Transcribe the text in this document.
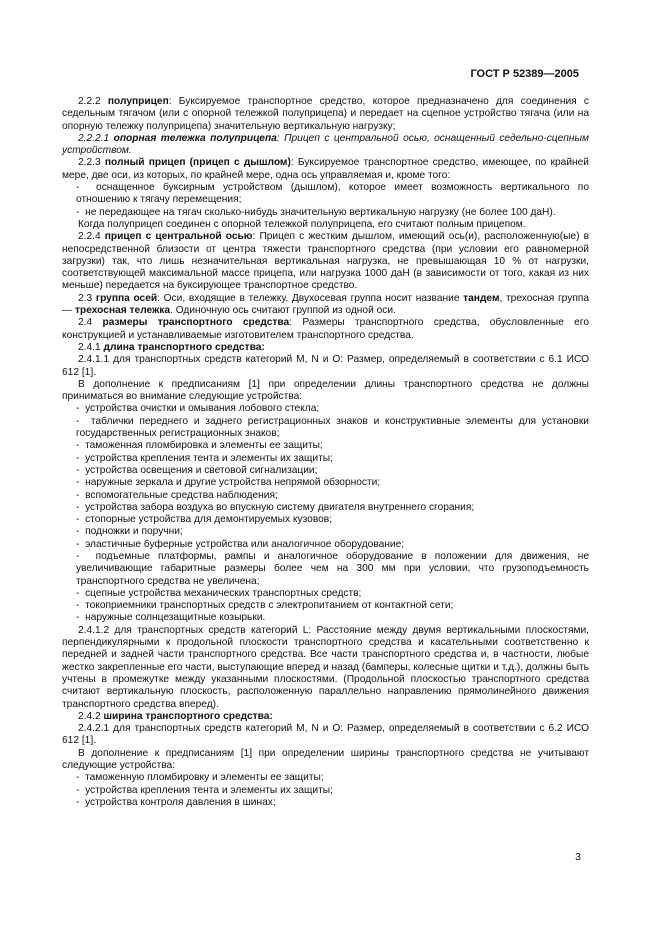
ГОСТ Р 52389—2005

2.2.2 полуприцеп: Буксируемое транспортное средство, которое предназначено для соединения с седельным тягачом (или с опорной тележкой полуприцепа) и передает на сцепное устройство тягача (или на опорную тележку полуприцепа) значительную вертикальную нагрузку;

2.2.2.1 опорная тележка полуприцепа: Прицеп с центральной осью, оснащенный седельно-сцепным устройством.

2.2.3 полный прицеп (прицеп с дышлом): Буксируемое транспортное средство, имеющее, по крайней мере, две оси, из которых, по крайней мере, одна ось управляемая и, кроме того:

-  оснащенное буксирным устройством (дышлом), которое имеет возможность вертикального по отношению к тягачу перемещения;

-  не передающее на тягач сколько-нибудь значительную вертикальную нагрузку (не более 100 даН).

Когда полуприцеп соединен с опорной тележкой полуприцепа, его считают полным прицепом.

2.2.4 прицеп с центральной осью: Прицеп с жестким дышлом, имеющий ось(и), расположенную(ые) в непосредственной близости от центра тяжести транспортного средства (при условии его равномерной загрузки) так, что лишь незначительная вертикальная нагрузка, не превышающая 10 % от нагрузки, соответствующей максимальной массе прицепа, или нагрузка 1000 даН (в зависимости от того, какая из них меньше) передается на буксирующее транспортное средство.

2.3 группа осей: Оси, входящие в тележку. Двухосевая группа носит название тандем, трехосная группа — трехосная тележка. Одиночную ось считают группой из одной оси.

2.4 размеры транспортного средства: Размеры транспортного средства, обусловленные его конструкцией и устанавливаемые изготовителем транспортного средства.

2.4.1 длина транспортного средства:

2.4.1.1 для транспортных средств категорий M, N и O: Размер, определяемый в соответствии с 6.1 ИСО 612 [1].

В дополнение к предписаниям [1] при определении длины транспортного средства не должны приниматься во внимание следующие устройства:

-  устройства очистки и омывания лобового стекла;

-  таблички переднего и заднего регистрационных знаков и конструктивные элементы для установки государственных регистрационных знаков;

-  таможенная пломбировка и элементы ее защиты;

-  устройства крепления тента и элементы их защиты;

-  устройства освещения и световой сигнализации;

-  наружные зеркала и другие устройства непрямой обзорности;

-  вспомогательные средства наблюдения;

-  устройства забора воздуха во впускную систему двигателя внутреннего сгорания;

-  стопорные устройства для демонтируемых кузовов;

-  подножки и поручни;

-  эластичные буферные устройства или аналогичное оборудование;

-  подъемные платформы, рампы и аналогичное оборудование в положении для движения, не увеличивающие габаритные размеры более чем на 300 мм при условии, что грузоподъемность транспортного средства не увеличена;

-  сцепные устройства механических транспортных средств;

-  токоприемники транспортных средств с электропитанием от контактной сети;

-  наружные солнцезащитные козырьки.

2.4.1.2 для транспортных средств категорий L: Расстояние между двумя вертикальными плоскостями, перпендикулярными к продольной плоскости транспортного средства и касательными соответственно к передней и задней части транспортного средства. Все части транспортного средства и, в частности, любые жестко закрепленные его части, выступающие вперед и назад (бамперы, колесные щитки и т.д.), должны быть учтены в промежутке между указанными плоскостями. (Продольной плоскостью транспортного средства считают вертикальную плоскость, расположенную параллельно направлению прямолинейного движения транспортного средства вперед).

2.4.2 ширина транспортного средства:

2.4.2.1 для транспортных средств категорий M, N и O: Размер, определяемый в соответствии с 6.2 ИСО 612 [1].

В дополнение к предписаниям [1] при определении ширины транспортного средства не учитывают следующие устройства:

-  таможенную пломбировку и элементы ее защиты;

-  устройства крепления тента и элементы их защиты;

-  устройства контроля давления в шинах;

3
